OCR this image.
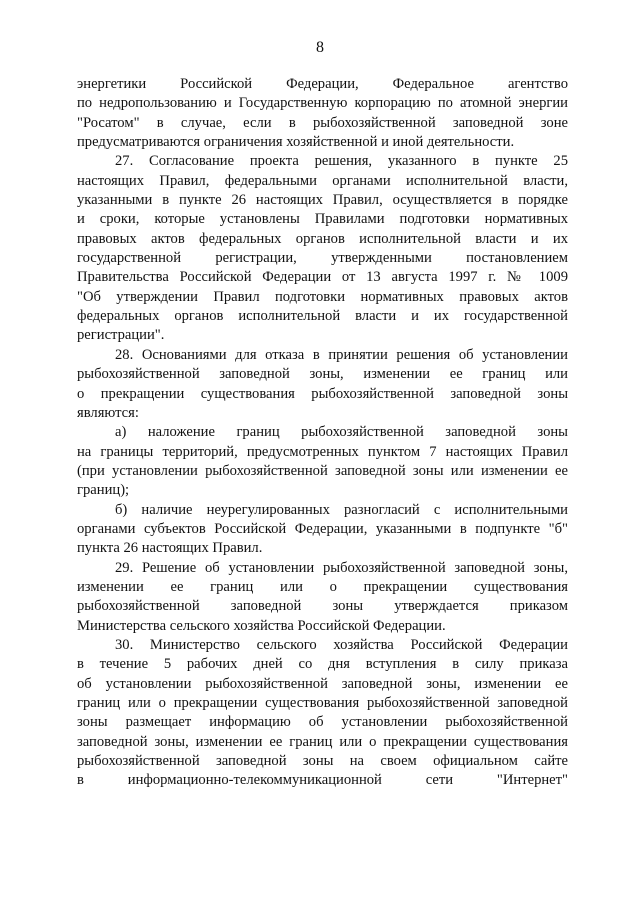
8
энергетики Российской Федерации, Федеральное агентство
по недропользованию и Государственную корпорацию по атомной энергии
"Росатом" в случае, если в рыбохозяйственной заповедной зоне
предусматриваются ограничения хозяйственной и иной деятельности.
27. Согласование проекта решения, указанного в пункте 25
настоящих Правил, федеральными органами исполнительной власти,
указанными в пункте 26 настоящих Правил, осуществляется в порядке
и сроки, которые установлены Правилами подготовки нормативных
правовых актов федеральных органов исполнительной власти и их
государственной регистрации, утвержденными постановлением
Правительства Российской Федерации от 13 августа 1997 г. № 1009
"Об утверждении Правил подготовки нормативных правовых актов
федеральных органов исполнительной власти и их государственной
регистрации".
28. Основаниями для отказа в принятии решения об установлении
рыбохозяйственной заповедной зоны, изменении ее границ или
о прекращении существования рыбохозяйственной заповедной зоны
являются:
а) наложение границ рыбохозяйственной заповедной зоны
на границы территорий, предусмотренных пунктом 7 настоящих Правил
(при установлении рыбохозяйственной заповедной зоны или изменении ее
границ);
б) наличие неурегулированных разногласий с исполнительными
органами субъектов Российской Федерации, указанными в подпункте "б"
пункта 26 настоящих Правил.
29. Решение об установлении рыбохозяйственной заповедной зоны,
изменении ее границ или о прекращении существования
рыбохозяйственной заповедной зоны утверждается приказом
Министерства сельского хозяйства Российской Федерации.
30. Министерство сельского хозяйства Российской Федерации
в течение 5 рабочих дней со дня вступления в силу приказа
об установлении рыбохозяйственной заповедной зоны, изменении ее
границ или о прекращении существования рыбохозяйственной заповедной
зоны размещает информацию об установлении рыбохозяйственной
заповедной зоны, изменении ее границ или о прекращении существования
рыбохозяйственной заповедной зоны на своем официальном сайте
в информационно-телекоммуникационной сети "Интернет"
